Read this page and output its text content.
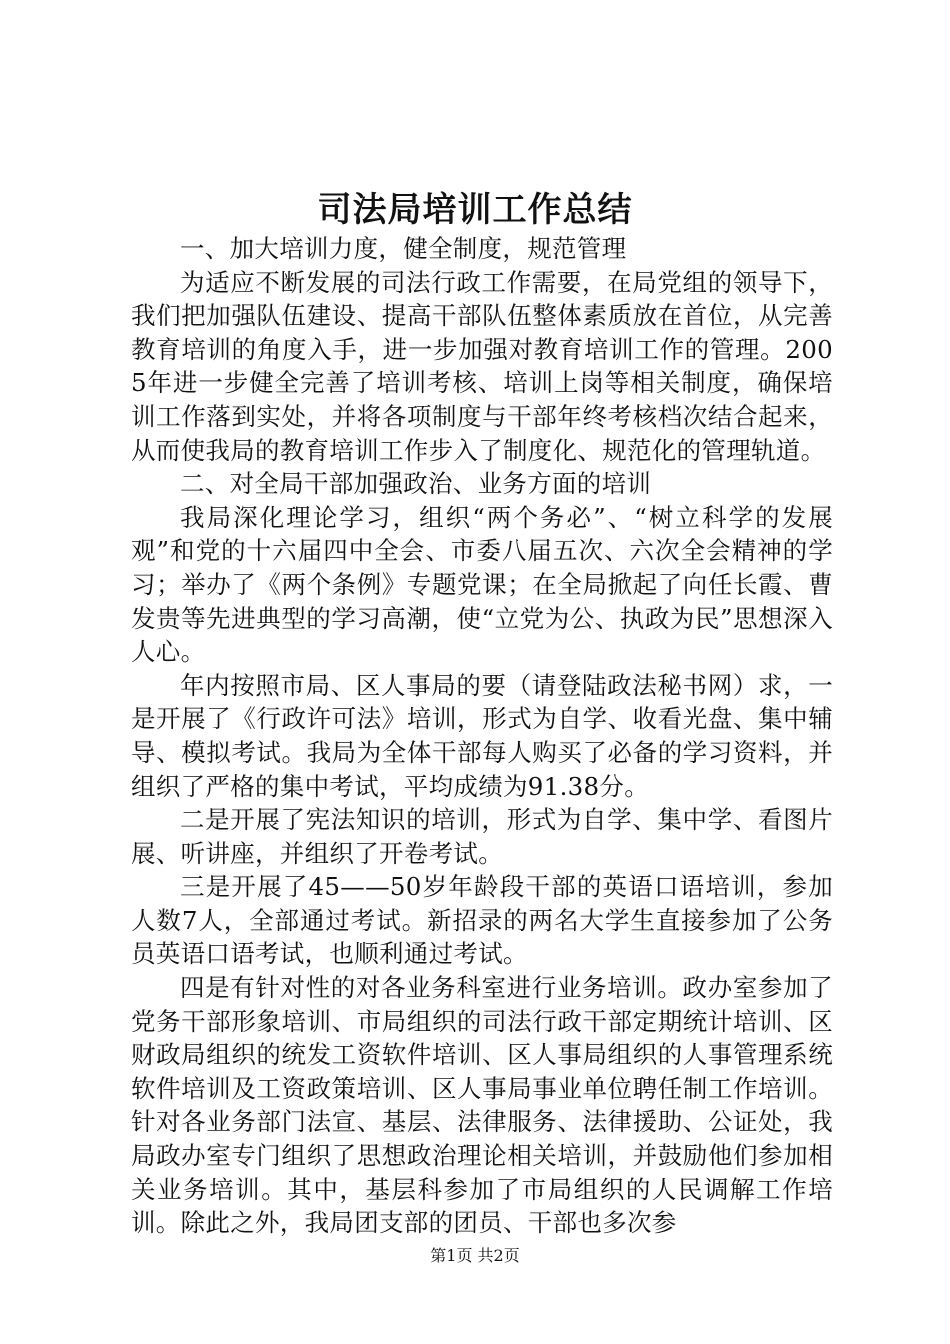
司法局培训工作总结

一、加大培训力度，健全制度，规范管理

为适应不断发展的司法行政工作需要，在局党组的领导下，我们把加强队伍建设、提高干部队伍整体素质放在首位，从完善教育培训的角度入手，进一步加强对教育培训工作的管理。2005年进一步健全完善了培训考核、培训上岗等相关制度，确保培训工作落到实处，并将各项制度与干部年终考核档次结合起来，从而使我局的教育培训工作步入了制度化、规范化的管理轨道。

二、对全局干部加强政治、业务方面的培训

我局深化理论学习，组织“两个务必”、“树立科学的发展观”和党的十六届四中全会、市委八届五次、六次全会精神的学习；举办了《两个条例》专题党课；在全局掀起了向任长霞、曹发贵等先进典型的学习高潮，使“立党为公、执政为民”思想深入人心。

年内按照市局、区人事局的要（请登陆政法秘书网）求，一是开展了《行政许可法》培训，形式为自学、收看光盘、集中辅导、模拟考试。我局为全体干部每人购买了必备的学习资料，并组织了严格的集中考试，平均成绩为91.38分。

二是开展了宪法知识的培训，形式为自学、集中学、看图片展、听讲座，并组织了开卷考试。

三是开展了45——50岁年龄段干部的英语口语培训，参加人数7人，全部通过考试。新招录的两名大学生直接参加了公务员英语口语考试，也顺利通过考试。

四是有针对性的对各业务科室进行业务培训。政办室参加了党务干部形象培训、市局组织的司法行政干部定期统计培训、区财政局组织的统发工资软件培训、区人事局组织的人事管理系统软件培训及工资政策培训、区人事局事业单位聘任制工作培训。针对各业务部门法宣、基层、法律服务、法律援助、公证处，我局政办室专门组织了思想政治理论相关培训，并鼓励他们参加相关业务培训。其中，基层科参加了市局组织的人民调解工作培训。除此之外，我局团支部的团员、干部也多次参

第1页 共2页
